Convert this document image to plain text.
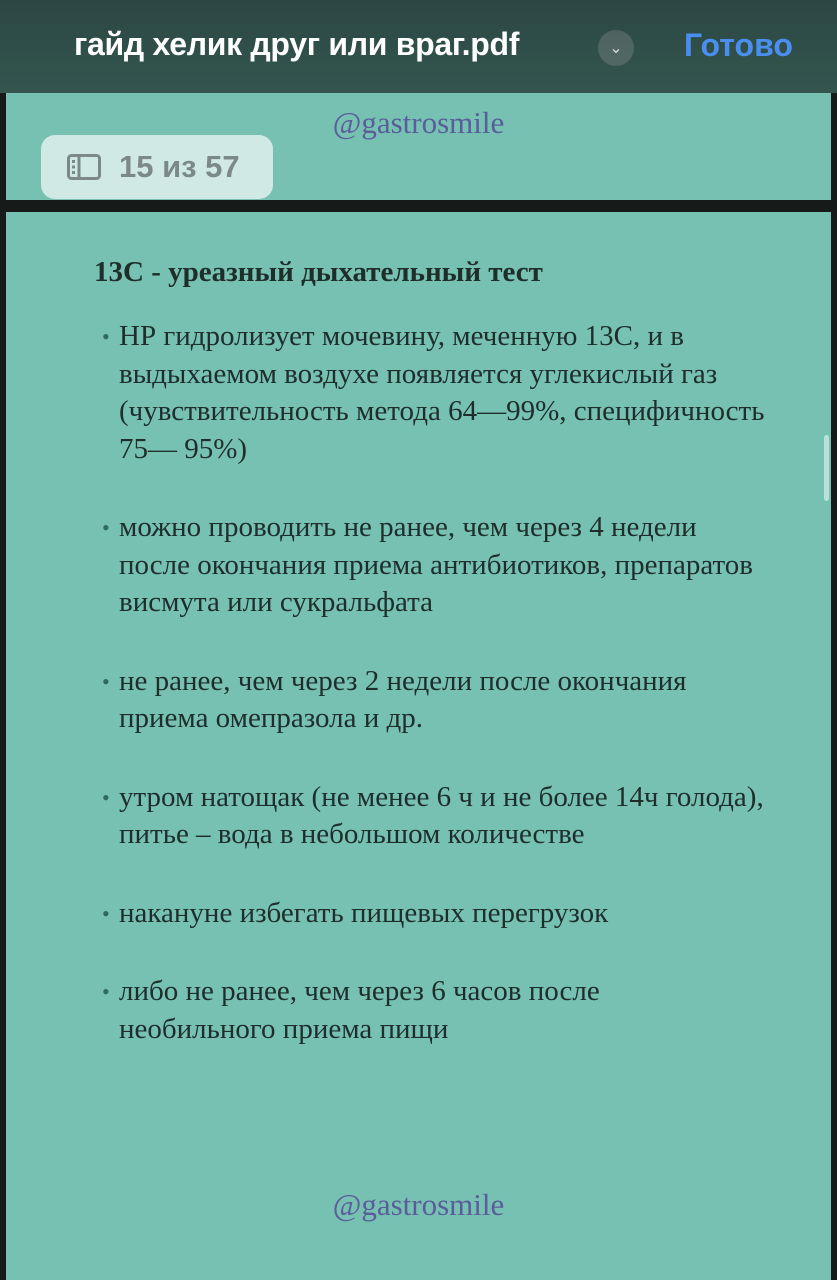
гайд хелик друг или враг.pdf	⌄	Готово
@gastrosmile
15 из 57
13С - уреазный дыхательный тест
• НР гидролизует мочевину, меченную 13С, и в выдыхаемом воздухе появляется углекислый газ (чувствительность метода 64—99%, специфичность 75— 95%)
• можно проводить не ранее, чем через 4 недели после окончания приема антибиотиков, препаратов висмута или сукральфата
• не ранее, чем через 2 недели после окончания приема омепразола и др.
• утром натощак (не менее 6 ч и не более 14ч голода), питье – вода в небольшом количестве
• накануне избегать пищевых перегрузок
• либо не ранее, чем через 6 часов после необильного приема пищи
@gastrosmile
